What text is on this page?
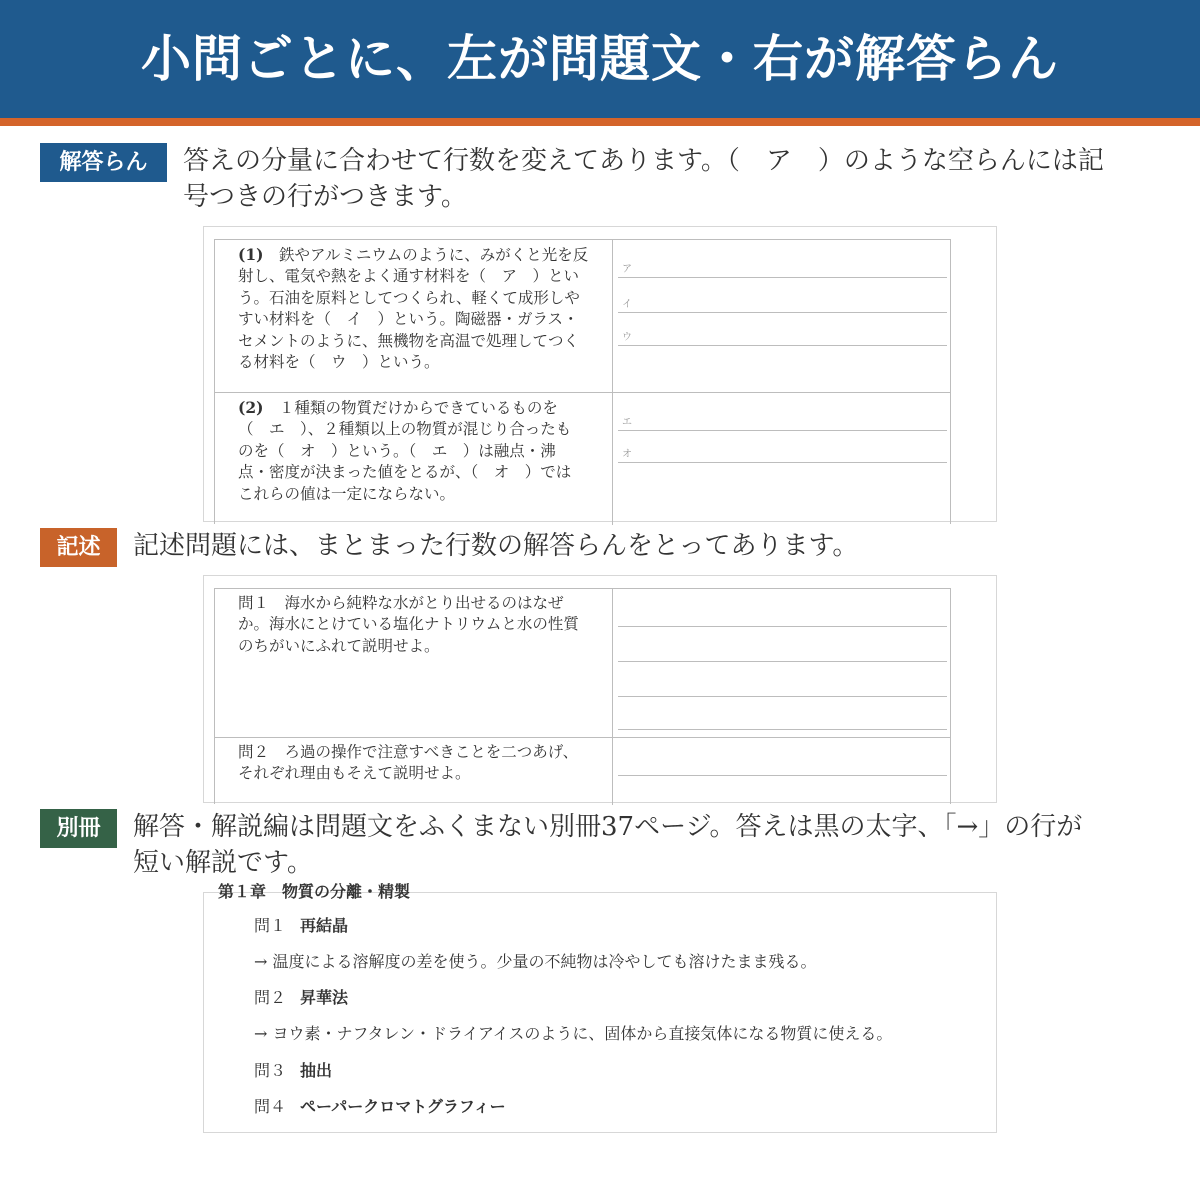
小問ごとに、左が問題文・右が解答らん
解答らん	答えの分量に合わせて行数を変えてあります。（　ア　）のような空らんには記
号つきの行がつきます。
(1)　 鉄やアルミニウムのように、みがくと光を反
射し、電気や熱をよく通す材料を（　ア　）とい
う。石油を原料としてつくられ、軽くて成形しや
すい材料を（　イ　）という。陶磁器・ガラス・
セメントのように、無機物を高温で処理してつく
る材料を（　ウ　）という。
ア
イ
ウ
(2)　 １種類の物質だけからできているものを
（　エ　）、２種類以上の物質が混じり合ったも
のを（　オ　）という。（　エ　）は融点・沸
点・密度が決まった値をとるが、（　オ　）では
これらの値は一定にならない。
エ
オ
記述	記述問題には、まとまった行数の解答らんをとってあります。
問１　海水から純粋な水がとり出せるのはなぜ
か。海水にとけている塩化ナトリウムと水の性質
のちがいにふれて説明せよ。
問２　ろ過の操作で注意すべきことを二つあげ、
それぞれ理由もそえて説明せよ。
別冊	解答・解説編は問題文をふくまない別冊37ページ。答えは黒の太字、「→」の行が
短い解説です。
第１章　物質の分離・精製
問１ 再結晶
→ 温度による溶解度の差を使う。少量の不純物は冷やしても溶けたまま残る。
問２ 昇華法
→ ヨウ素・ナフタレン・ドライアイスのように、固体から直接気体になる物質に使える。
問３ 抽出
問４ ペーパークロマトグラフィー
